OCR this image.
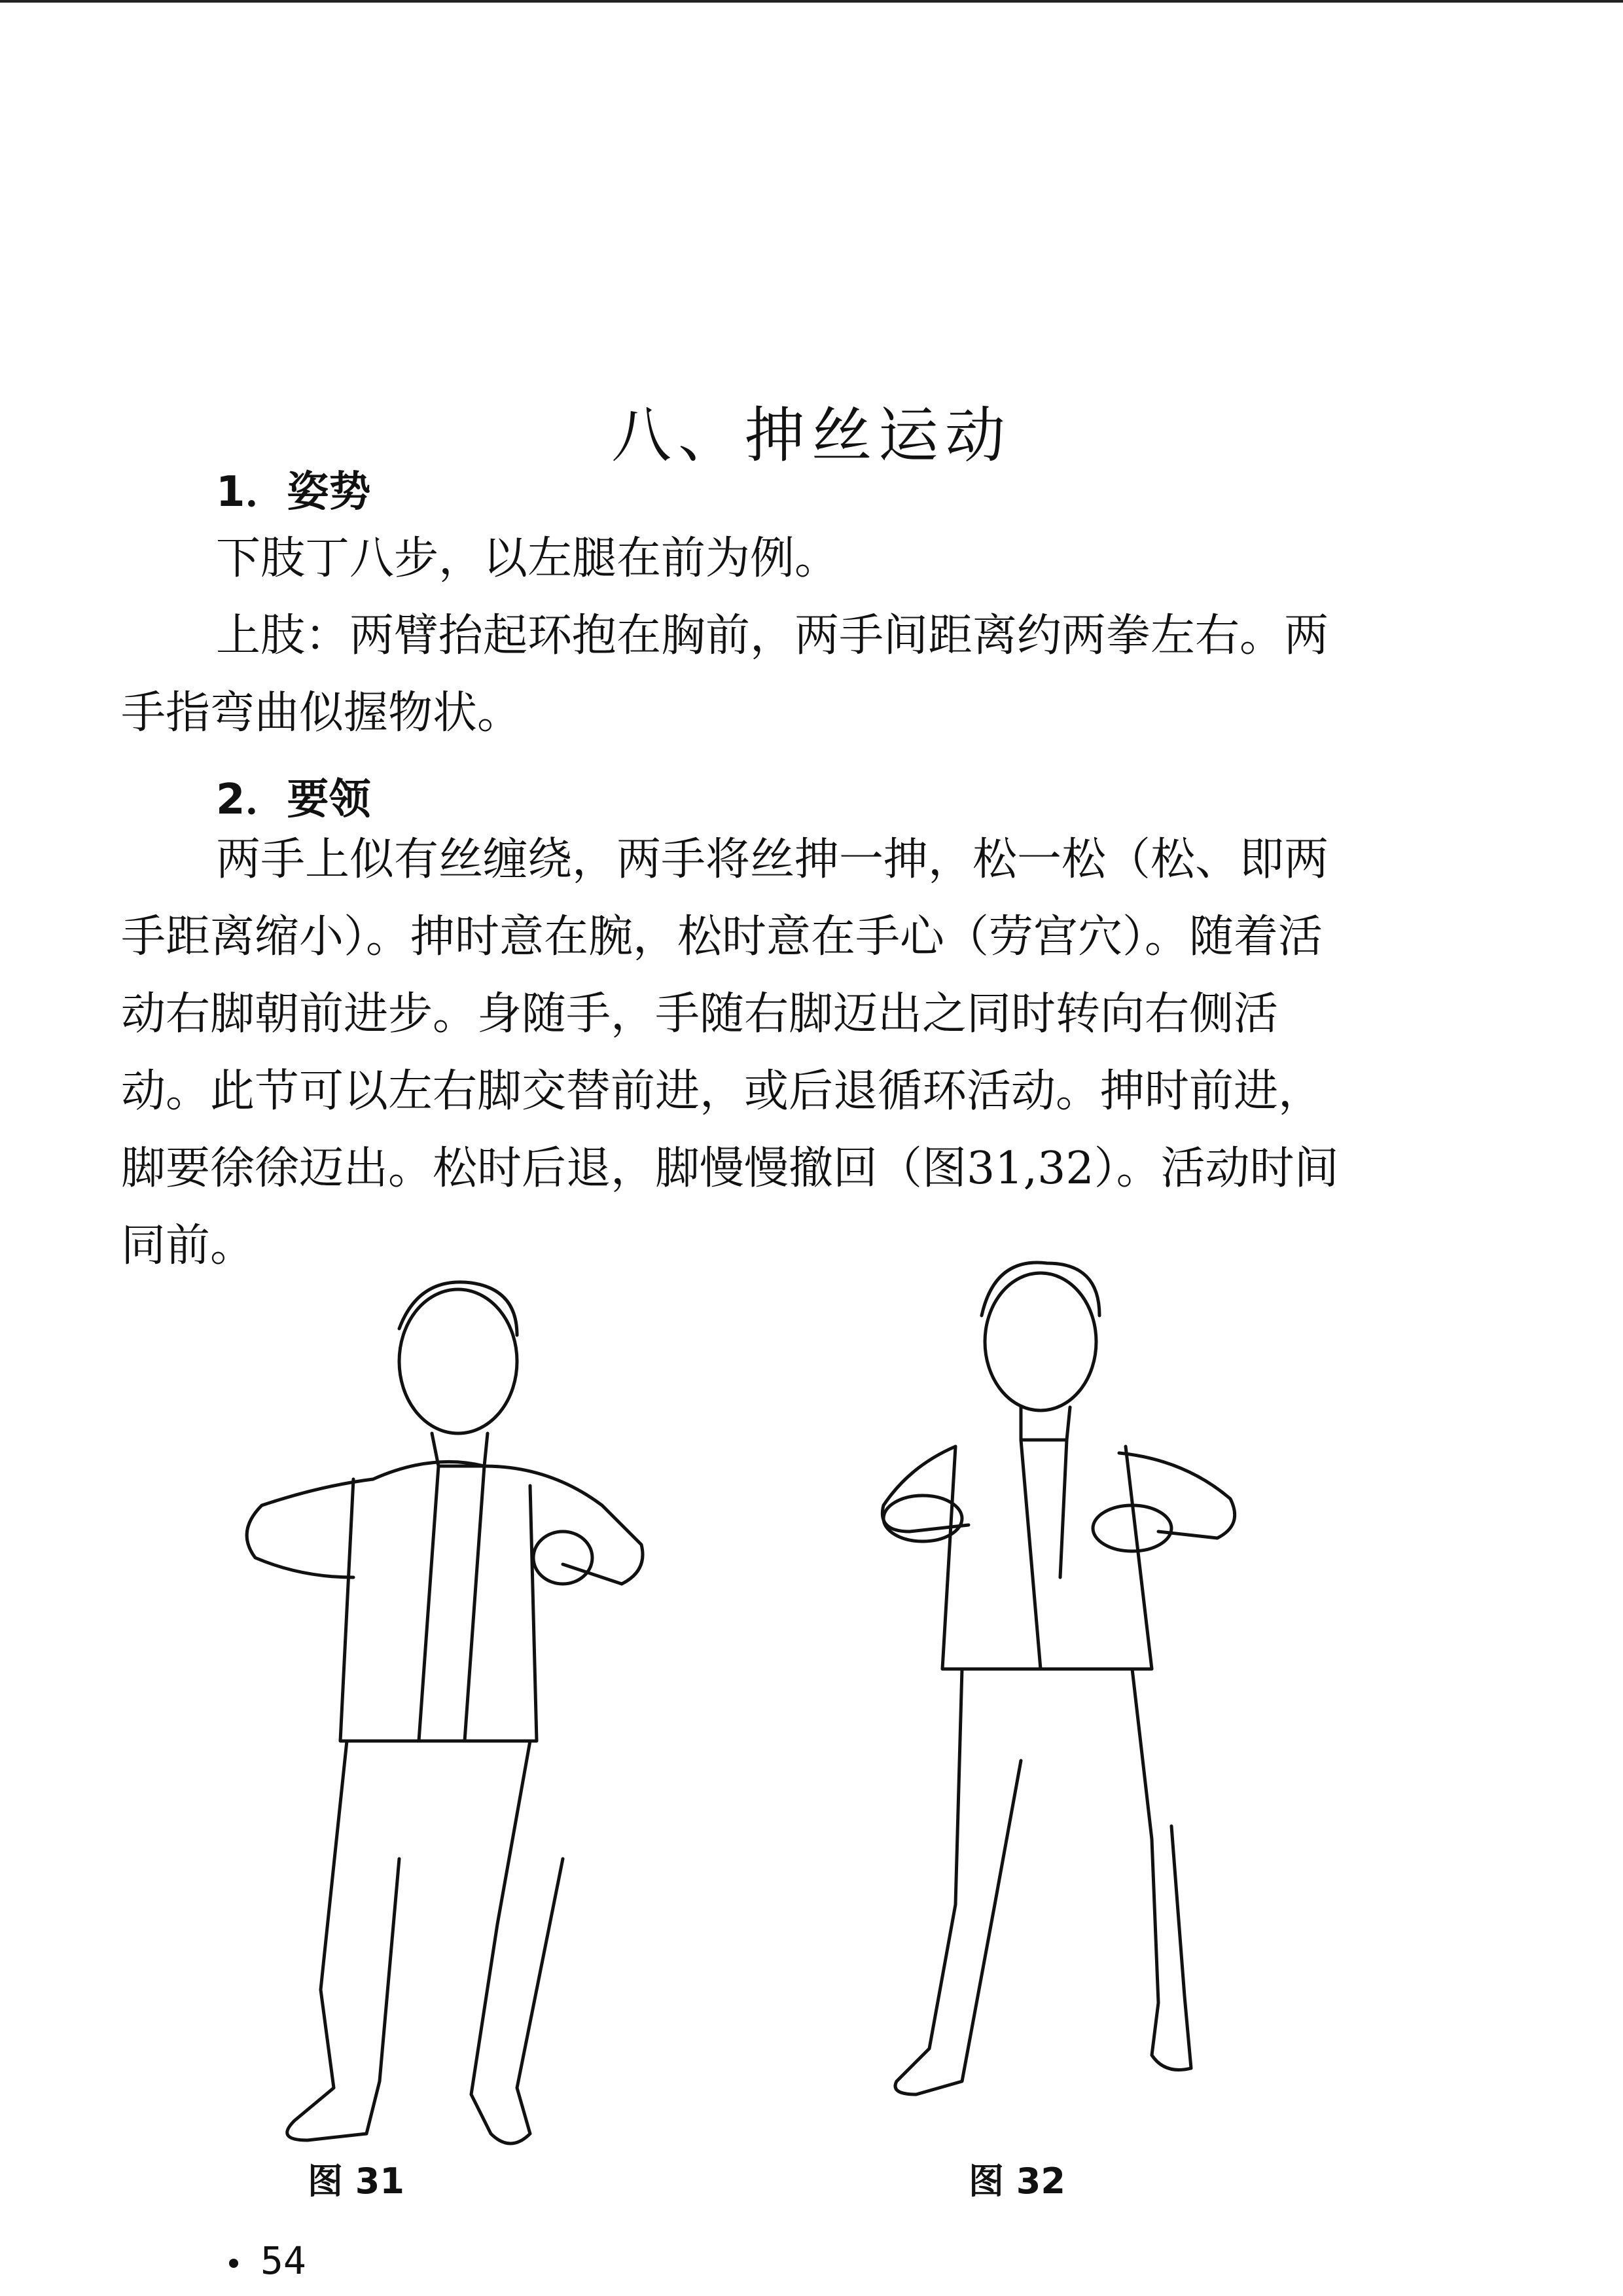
八、抻丝运动
1．姿势

下肢丁八步，以左腿在前为例。

上肢：两臂抬起环抱在胸前，两手间距离约两拳左右。两手指弯曲似握物状。

2．要领

两手上似有丝缠绕，两手将丝抻一抻，松一松（松、即两手距离缩小）。抻时意在腕，松时意在手心（劳宫穴）。随着活动右脚朝前进步。身随手，手随右脚迈出之同时转向右侧活动。此节可以左右脚交替前进，或后退循环活动。抻时前进，脚要徐徐迈出。松时后退，脚慢慢撤回（图31,32）。活动时间同前。

图 31	图 32
54
